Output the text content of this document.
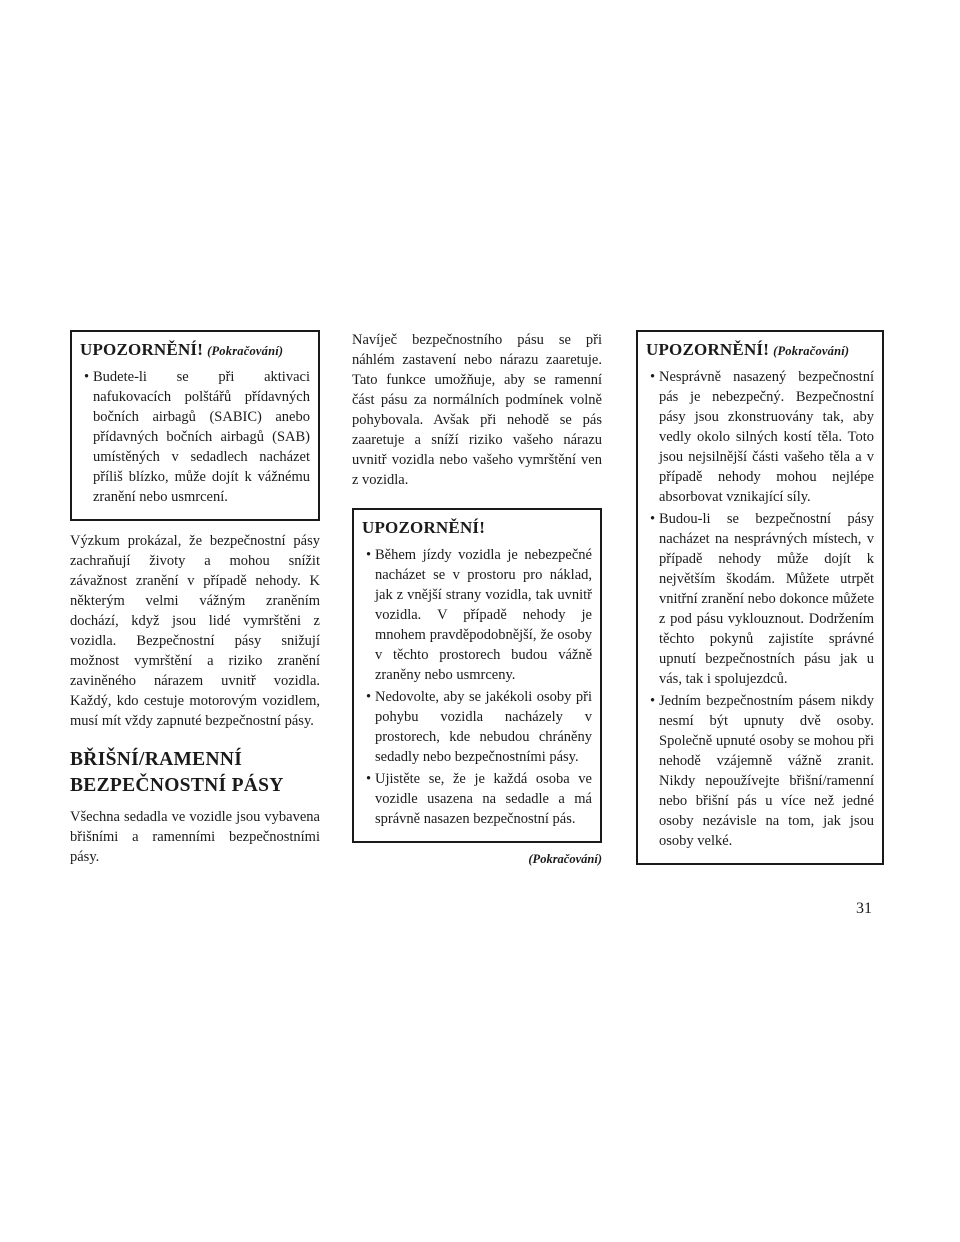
UPOZORNĚNÍ! (Pokračování)
• Budete-li se při aktivaci nafukovacích polštářů přídavných bočních airbagů (SABIC) anebo přídavných bočních airbagů (SAB) umístěných v sedadlech nacházet příliš blízko, může dojít k vážnému zranění nebo usmrcení.

Výzkum prokázal, že bezpečnostní pásy zachraňují životy a mohou snížit závažnost zranění v případě nehody. K některým velmi vážným zraněním dochází, když jsou lidé vymrštěni z vozidla. Bezpečnostní pásy snižují možnost vymrštění a riziko zranění zaviněného nárazem uvnitř vozidla. Každý, kdo cestuje motorovým vozidlem, musí mít vždy zapnuté bezpečnostní pásy.

BŘIŠNÍ/RAMENNÍ
BEZPEČNOSTNÍ PÁSY

Všechna sedadla ve vozidle jsou vybavena břišními a ramenními bezpečnostními pásy.

Navíječ bezpečnostního pásu se při náhlém zastavení nebo nárazu zaaretuje. Tato funkce umožňuje, aby se ramenní část pásu za normálních podmínek volně pohybovala. Avšak při nehodě se pás zaaretuje a sníží riziko vašeho nárazu uvnitř vozidla nebo vašeho vymrštění ven z vozidla.

UPOZORNĚNÍ!
• Během jízdy vozidla je nebezpečné nacházet se v prostoru pro náklad, jak z vnější strany vozidla, tak uvnitř vozidla. V případě nehody je mnohem pravděpodobnější, že osoby v těchto prostorech budou vážně zraněny nebo usmrceny.
• Nedovolte, aby se jakékoli osoby při pohybu vozidla nacházely v prostorech, kde nebudou chráněny sedadly nebo bezpečnostními pásy.
• Ujistěte se, že je každá osoba ve vozidle usazena na sedadle a má správně nasazen bezpečnostní pás.
(Pokračování)
UPOZORNĚNÍ! (Pokračování)
• Nesprávně nasazený bezpečnostní pás je nebezpečný. Bezpečnostní pásy jsou zkonstruovány tak, aby vedly okolo silných kostí těla. Toto jsou nejsilnější části vašeho těla a v případě nehody mohou nejlépe absorbovat vznikající síly.
• Budou-li se bezpečnostní pásy nacházet na nesprávných místech, v případě nehody může dojít k největším škodám. Můžete utrpět vnitřní zranění nebo dokonce můžete z pod pásu vyklouznout. Dodržením těchto pokynů zajistíte správné upnutí bezpečnostních pásu jak u vás, tak i spolujezdců.
• Jedním bezpečnostním pásem nikdy nesmí být upnuty dvě osoby. Společně upnuté osoby se mohou při nehodě vzájemně vážně zranit. Nikdy nepoužívejte břišní/ramenní nebo břišní pás u více než jedné osoby nezávisle na tom, jak jsou osoby velké.
31
